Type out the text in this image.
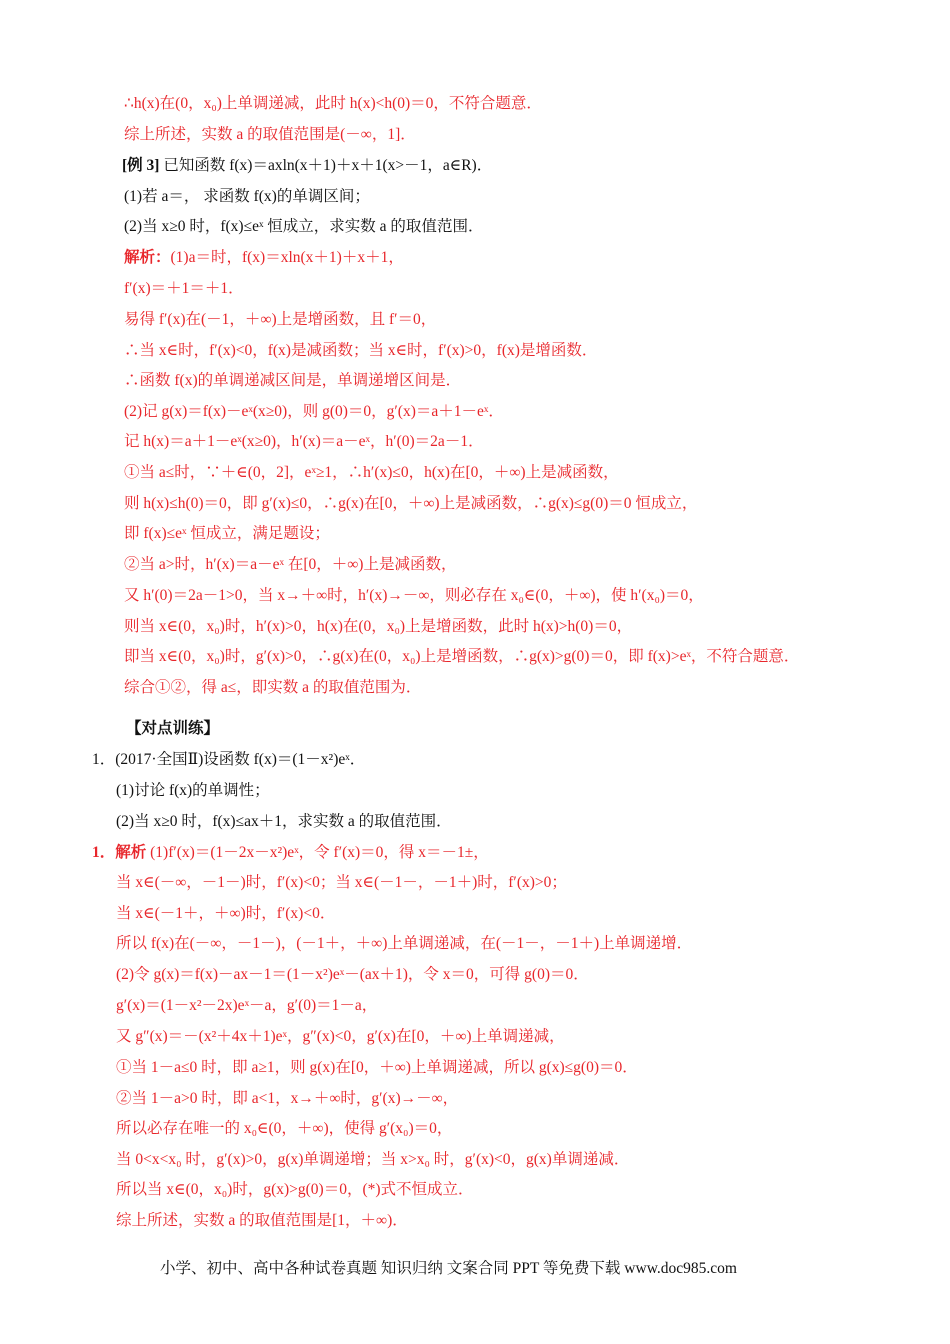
∴h(x)在(0，x₀)上单调递减，此时 h(x)<h(0)＝0，不符合题意．
综上所述，实数 a 的取值范围是(－∞，1]．
[例 3] 已知函数 f(x)＝axln(x＋1)＋x＋1(x>－1，a∈R)．
(1)若 a＝， 求函数 f(x)的单调区间；
(2)当 x≥0 时，f(x)≤eˣ 恒成立，求实数 a 的取值范围．
解析：(1)a＝时，f(x)＝xln(x＋1)＋x＋1，
f′(x)＝＋1＝＋1．
易得 f′(x)在(－1，＋∞)上是增函数，且 f′＝0，
∴当 x∈时，f′(x)<0，f(x)是减函数；当 x∈时，f′(x)>0，f(x)是增函数．
∴函数 f(x)的单调递减区间是，单调递增区间是．
(2)记 g(x)＝f(x)－eˣ(x≥0)，则 g(0)＝0，g′(x)＝a＋1－eˣ．
记 h(x)＝a＋1－eˣ(x≥0)，h′(x)＝a－eˣ，h′(0)＝2a－1．
①当 a≤时，∵＋∈(0，2]，eˣ≥1，∴h′(x)≤0，h(x)在[0，＋∞)上是减函数，
则 h(x)≤h(0)＝0，即 g′(x)≤0，∴g(x)在[0，＋∞)上是减函数，∴g(x)≤g(0)＝0 恒成立，
即 f(x)≤eˣ 恒成立，满足题设；
②当 a>时，h′(x)＝a－eˣ 在[0，＋∞)上是减函数，
又 h′(0)＝2a－1>0，当 x→＋∞时，h′(x)→－∞，则必存在 x₀∈(0，＋∞)，使 h′(x₀)＝0，
则当 x∈(0，x₀)时，h′(x)>0，h(x)在(0，x₀)上是增函数，此时 h(x)>h(0)＝0，
即当 x∈(0，x₀)时，g′(x)>0，∴g(x)在(0，x₀)上是增函数，∴g(x)>g(0)＝0，即 f(x)>eˣ，不符合题意．
综合①②，得 a≤，即实数 a 的取值范围为．
【对点训练】
1．(2017·全国Ⅱ)设函数 f(x)＝(1－x²)eˣ．
(1)讨论 f(x)的单调性；
(2)当 x≥0 时，f(x)≤ax＋1，求实数 a 的取值范围．
1．解析 (1)f′(x)＝(1－2x－x²)eˣ，令 f′(x)＝0，得 x＝－1±，
当 x∈(－∞，－1－)时，f′(x)<0；当 x∈(－1－，－1＋)时，f′(x)>0；
当 x∈(－1＋，＋∞)时，f′(x)<0．
所以 f(x)在(－∞，－1－)，(－1＋，＋∞)上单调递减，在(－1－，－1＋)上单调递增．
(2)令 g(x)＝f(x)－ax－1＝(1－x²)eˣ－(ax＋1)，令 x＝0，可得 g(0)＝0．
g′(x)＝(1－x²－2x)eˣ－a，g′(0)＝1－a，
又 g″(x)＝－(x²＋4x＋1)eˣ，g″(x)<0，g′(x)在[0，＋∞)上单调递减，
①当 1－a≤0 时，即 a≥1，则 g(x)在[0，＋∞)上单调递减，所以 g(x)≤g(0)＝0．
②当 1－a>0 时，即 a<1，x→＋∞时，g′(x)→－∞，
所以必存在唯一的 x₀∈(0，＋∞)，使得 g′(x₀)＝0，
当 0<x<x₀ 时，g′(x)>0，g(x)单调递增；当 x>x₀ 时，g′(x)<0，g(x)单调递减．
所以当 x∈(0，x₀)时，g(x)>g(0)＝0，(*)式不恒成立．
综上所述，实数 a 的取值范围是[1，＋∞)．
小学、初中、高中各种试卷真题 知识归纳 文案合同 PPT 等免费下载 www.doc985.com
